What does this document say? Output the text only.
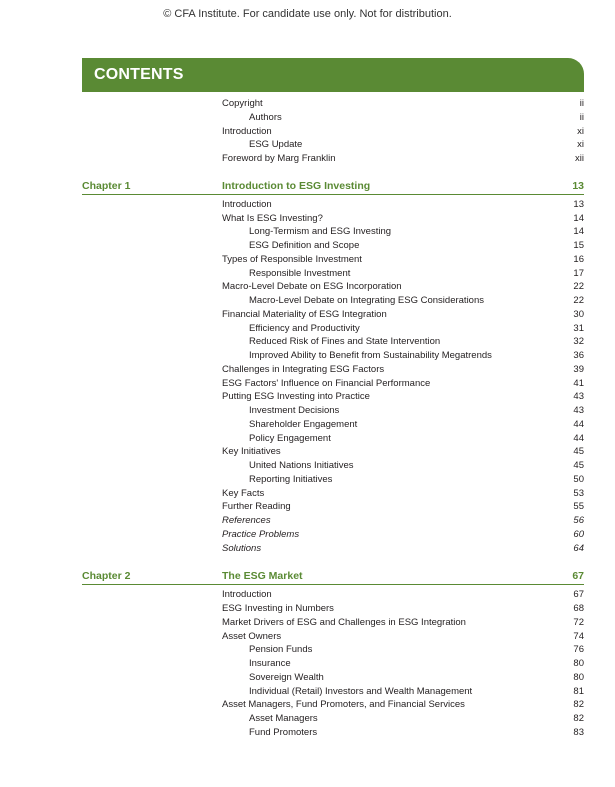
© CFA Institute. For candidate use only. Not for distribution.
CONTENTS
Copyright	ii
Authors	ii
Introduction	xi
ESG Update	xi
Foreword by Marg Franklin	xii
Chapter 1	Introduction to ESG Investing	13
Introduction	13
What Is ESG Investing?	14
Long-Termism and ESG Investing	14
ESG Definition and Scope	15
Types of Responsible Investment	16
Responsible Investment	17
Macro-Level Debate on ESG Incorporation	22
Macro-Level Debate on Integrating ESG Considerations	22
Financial Materiality of ESG Integration	30
Efficiency and Productivity	31
Reduced Risk of Fines and State Intervention	32
Improved Ability to Benefit from Sustainability Megatrends	36
Challenges in Integrating ESG Factors	39
ESG Factors' Influence on Financial Performance	41
Putting ESG Investing into Practice	43
Investment Decisions	43
Shareholder Engagement	44
Policy Engagement	44
Key Initiatives	45
United Nations Initiatives	45
Reporting Initiatives	50
Key Facts	53
Further Reading	55
References	56
Practice Problems	60
Solutions	64
Chapter 2	The ESG Market	67
Introduction	67
ESG Investing in Numbers	68
Market Drivers of ESG and Challenges in ESG Integration	72
Asset Owners	74
Pension Funds	76
Insurance	80
Sovereign Wealth	80
Individual (Retail) Investors and Wealth Management	81
Asset Managers, Fund Promoters, and Financial Services	82
Asset Managers	82
Fund Promoters	83
